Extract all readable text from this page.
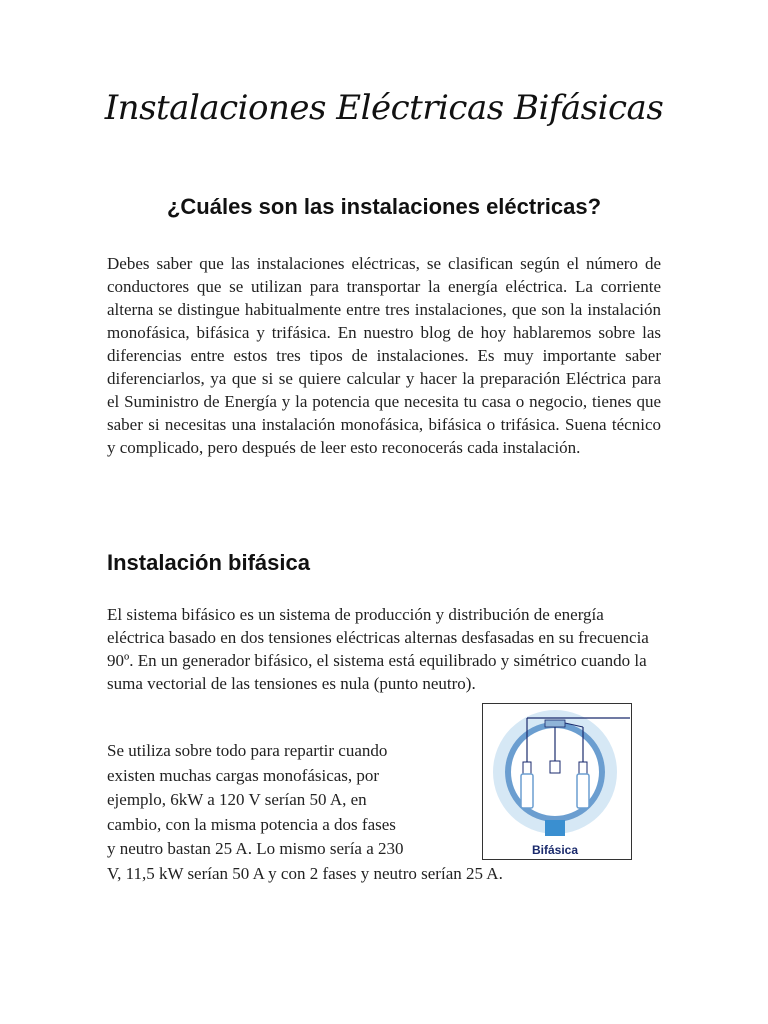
Instalaciones Eléctricas Bifásicas
¿Cuáles son las instalaciones eléctricas?

Debes saber que las instalaciones eléctricas, se clasifican según el número de conductores que se utilizan para transportar la energía eléctrica. La corriente alterna se distingue habitualmente entre tres instalaciones, que son la instalación monofásica, bifásica y trifásica. En nuestro blog de hoy hablaremos sobre las diferencias entre estos tres tipos de instalaciones. Es muy importante saber diferenciarlos, ya que si se quiere calcular y hacer la preparación Eléctrica para el Suministro de Energía y la potencia que necesita tu casa o negocio, tienes que saber si necesitas una instalación monofásica, bifásica o trifásica. Suena técnico y complicado, pero después de leer esto reconocerás cada instalación.

Instalación bifásica

El sistema bifásico es un sistema de producción y distribución de energía eléctrica basado en dos tensiones eléctricas alternas desfasadas en su frecuencia 90º. En un generador bifásico, el sistema está equilibrado y simétrico cuando la suma vectorial de las tensiones es nula (punto neutro).

Se utiliza sobre todo para repartir cuando
existen muchas cargas monofásicas, por
ejemplo, 6kW a 120 V serían 50 A, en
cambio, con la misma potencia a dos fases
y neutro bastan 25 A. Lo mismo sería a 230
V, 11,5 kW serían 50 A y con 2 fases y neutro serían 25 A.
Bifásica
